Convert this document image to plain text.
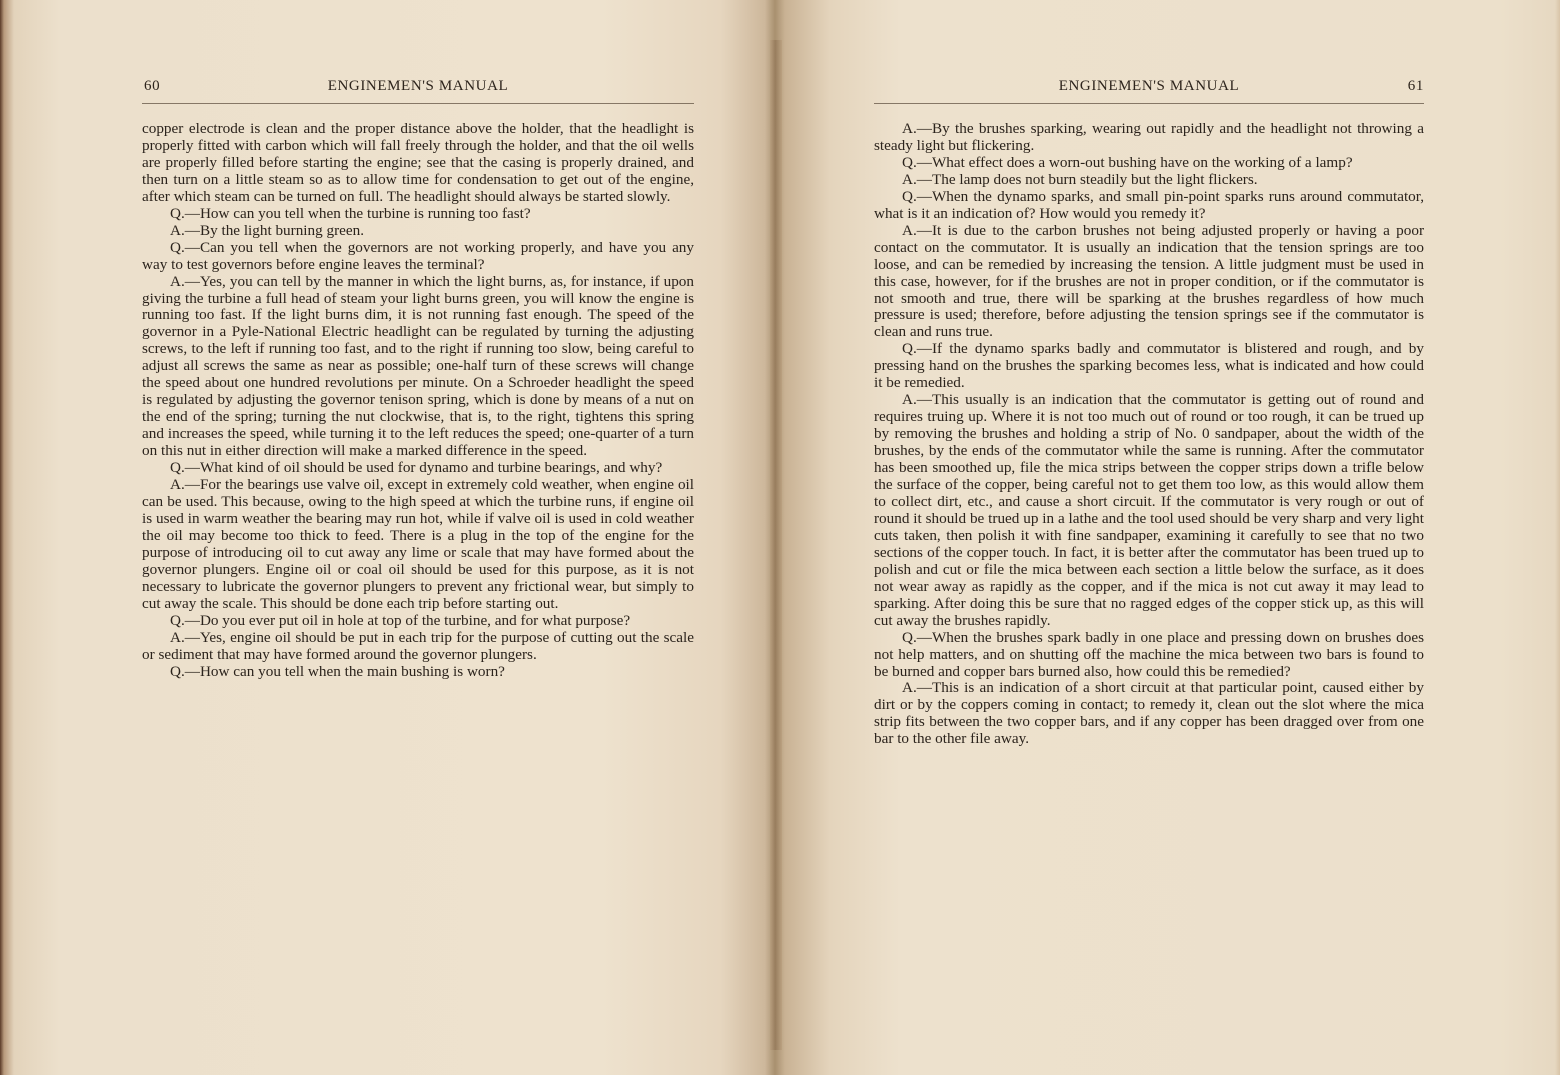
60	ENGINEMEN'S MANUAL

copper electrode is clean and the proper distance above the holder, that the headlight is properly fitted with carbon which will fall freely through the holder, and that the oil wells are properly filled before starting the engine; see that the casing is properly drained, and then turn on a little steam so as to allow time for condensation to get out of the engine, after which steam can be turned on full. The headlight should always be started slowly.

Q.—How can you tell when the turbine is running too fast?

A.—By the light burning green.

Q.—Can you tell when the governors are not working properly, and have you any way to test governors before engine leaves the terminal?

A.—Yes, you can tell by the manner in which the light burns, as, for instance, if upon giving the turbine a full head of steam your light burns green, you will know the engine is running too fast. If the light burns dim, it is not running fast enough. The speed of the governor in a Pyle-National Electric headlight can be regulated by turning the adjusting screws, to the left if running too fast, and to the right if running too slow, being careful to adjust all screws the same as near as possible; one-half turn of these screws will change the speed about one hundred revolutions per minute. On a Schroeder headlight the speed is regulated by adjusting the governor tenison spring, which is done by means of a nut on the end of the spring; turning the nut clockwise, that is, to the right, tightens this spring and increases the speed, while turning it to the left reduces the speed; one-quarter of a turn on this nut in either direction will make a marked difference in the speed.

Q.—What kind of oil should be used for dynamo and turbine bearings, and why?

A.—For the bearings use valve oil, except in extremely cold weather, when engine oil can be used. This because, owing to the high speed at which the turbine runs, if engine oil is used in warm weather the bearing may run hot, while if valve oil is used in cold weather the oil may become too thick to feed. There is a plug in the top of the engine for the purpose of introducing oil to cut away any lime or scale that may have formed about the governor plungers. Engine oil or coal oil should be used for this purpose, as it is not necessary to lubricate the governor plungers to prevent any frictional wear, but simply to cut away the scale. This should be done each trip before starting out.

Q.—Do you ever put oil in hole at top of the turbine, and for what purpose?

A.—Yes, engine oil should be put in each trip for the purpose of cutting out the scale or sediment that may have formed around the governor plungers.

Q.—How can you tell when the main bushing is worn?

ENGINEMEN'S MANUAL	61

A.—By the brushes sparking, wearing out rapidly and the headlight not throwing a steady light but flickering.

Q.—What effect does a worn-out bushing have on the working of a lamp?

A.—The lamp does not burn steadily but the light flickers.

Q.—When the dynamo sparks, and small pin-point sparks runs around commutator, what is it an indication of? How would you remedy it?

A.—It is due to the carbon brushes not being adjusted properly or having a poor contact on the commutator. It is usually an indication that the tension springs are too loose, and can be remedied by increasing the tension. A little judgment must be used in this case, however, for if the brushes are not in proper condition, or if the commutator is not smooth and true, there will be sparking at the brushes regardless of how much pressure is used; therefore, before adjusting the tension springs see if the commutator is clean and runs true.

Q.—If the dynamo sparks badly and commutator is blistered and rough, and by pressing hand on the brushes the sparking becomes less, what is indicated and how could it be remedied.

A.—This usually is an indication that the commutator is getting out of round and requires truing up. Where it is not too much out of round or too rough, it can be trued up by removing the brushes and holding a strip of No. 0 sandpaper, about the width of the brushes, by the ends of the commutator while the same is running. After the commutator has been smoothed up, file the mica strips between the copper strips down a trifle below the surface of the copper, being careful not to get them too low, as this would allow them to collect dirt, etc., and cause a short circuit. If the commutator is very rough or out of round it should be trued up in a lathe and the tool used should be very sharp and very light cuts taken, then polish it with fine sandpaper, examining it carefully to see that no two sections of the copper touch. In fact, it is better after the commutator has been trued up to polish and cut or file the mica between each section a little below the surface, as it does not wear away as rapidly as the copper, and if the mica is not cut away it may lead to sparking. After doing this be sure that no ragged edges of the copper stick up, as this will cut away the brushes rapidly.

Q.—When the brushes spark badly in one place and pressing down on brushes does not help matters, and on shutting off the machine the mica between two bars is found to be burned and copper bars burned also, how could this be remedied?

A.—This is an indication of a short circuit at that particular point, caused either by dirt or by the coppers coming in contact; to remedy it, clean out the slot where the mica strip fits between the two copper bars, and if any copper has been dragged over from one bar to the other file away.
